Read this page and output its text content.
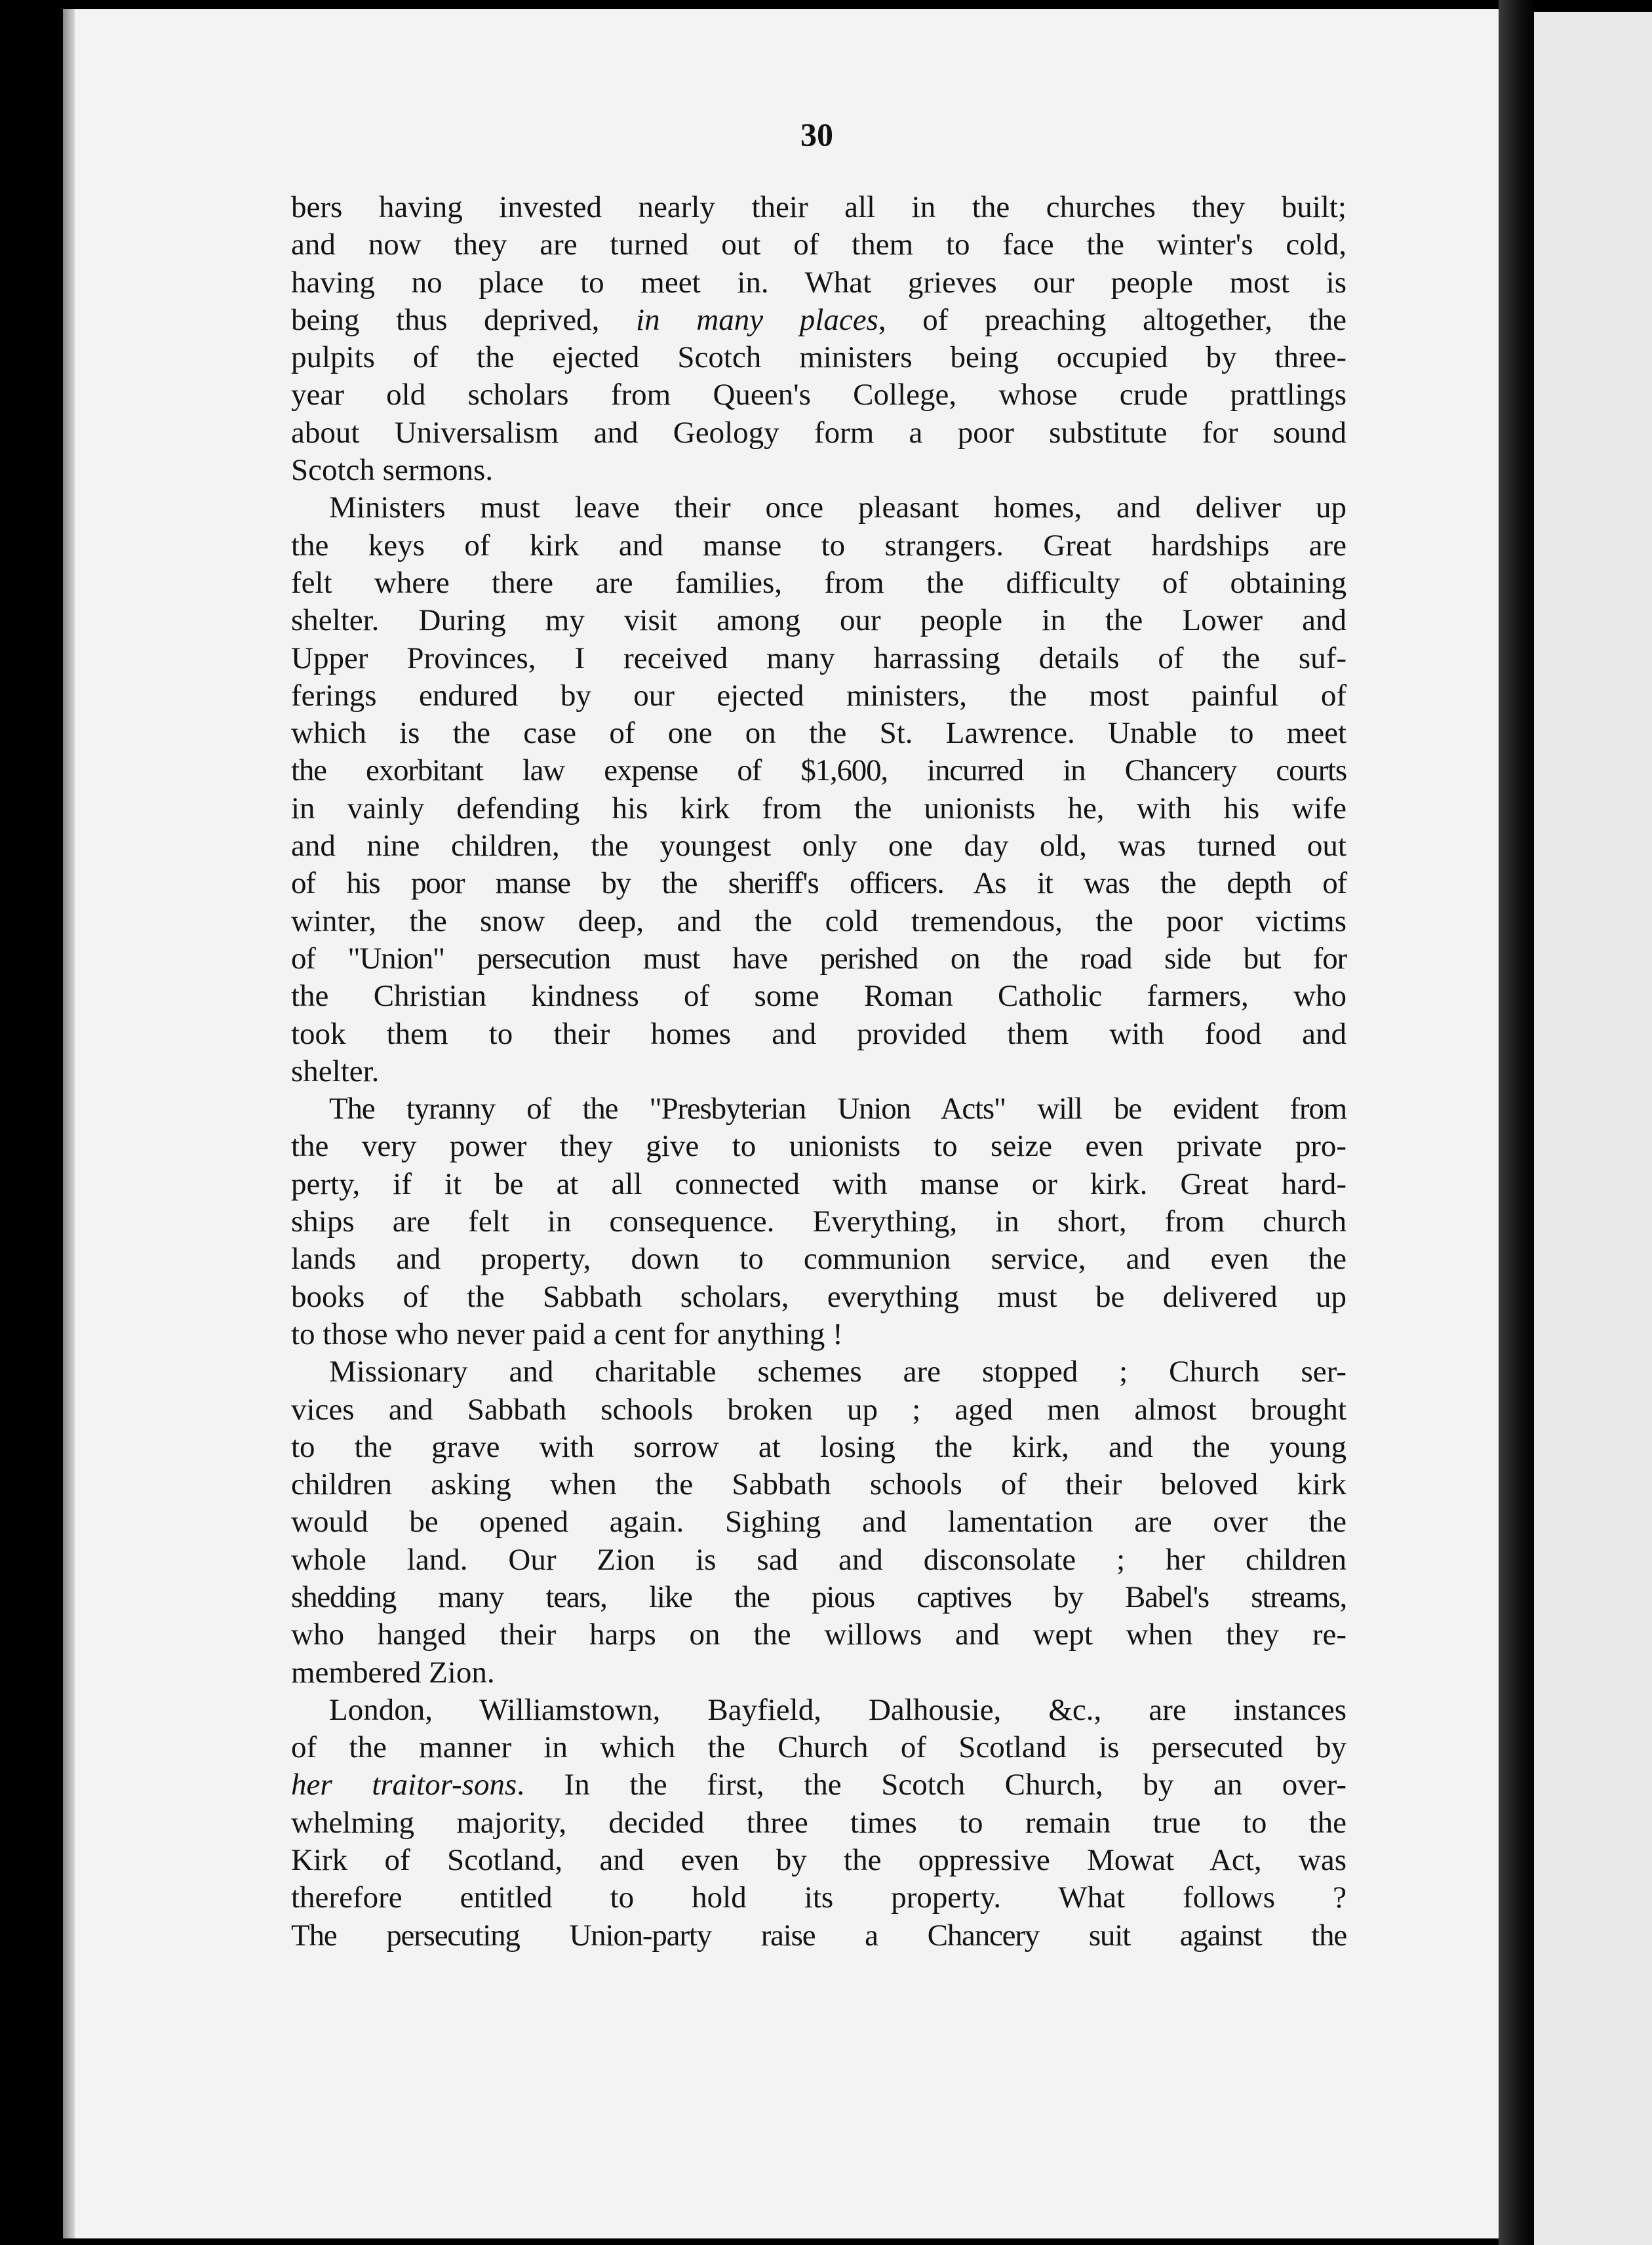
30
bers having invested nearly their all in the churches they built;
and now they are turned out of them to face the winter's cold,
having no place to meet in. What grieves our people most is
being thus deprived, in many places, of preaching altogether, the
pulpits of the ejected Scotch ministers being occupied by three-
year old scholars from Queen's College, whose crude prattlings
about Universalism and Geology form a poor substitute for sound
Scotch sermons.
Ministers must leave their once pleasant homes, and deliver up
the keys of kirk and manse to strangers. Great hardships are
felt where there are families, from the difficulty of obtaining
shelter. During my visit among our people in the Lower and
Upper Provinces, I received many harrassing details of the suf-
ferings endured by our ejected ministers, the most painful of
which is the case of one on the St. Lawrence. Unable to meet
the exorbitant law expense of $1,600, incurred in Chancery courts
in vainly defending his kirk from the unionists he, with his wife
and nine children, the youngest only one day old, was turned out
of his poor manse by the sheriff's officers. As it was the depth of
winter, the snow deep, and the cold tremendous, the poor victims
of "Union" persecution must have perished on the road side but for
the Christian kindness of some Roman Catholic farmers, who
took them to their homes and provided them with food and
shelter.
The tyranny of the "Presbyterian Union Acts" will be evident from
the very power they give to unionists to seize even private pro-
perty, if it be at all connected with manse or kirk. Great hard-
ships are felt in consequence. Everything, in short, from church
lands and property, down to communion service, and even the
books of the Sabbath scholars, everything must be delivered up
to those who never paid a cent for anything !
Missionary and charitable schemes are stopped ; Church ser-
vices and Sabbath schools broken up ; aged men almost brought
to the grave with sorrow at losing the kirk, and the young
children asking when the Sabbath schools of their beloved kirk
would be opened again. Sighing and lamentation are over the
whole land. Our Zion is sad and disconsolate ; her children
shedding many tears, like the pious captives by Babel's streams,
who hanged their harps on the willows and wept when they re-
membered Zion.
London, Williamstown, Bayfield, Dalhousie, &c., are instances
of the manner in which the Church of Scotland is persecuted by
her traitor-sons. In the first, the Scotch Church, by an over-
whelming majority, decided three times to remain true to the
Kirk of Scotland, and even by the oppressive Mowat Act, was
therefore entitled to hold its property. What follows ?
The persecuting Union-party raise a Chancery suit against the
